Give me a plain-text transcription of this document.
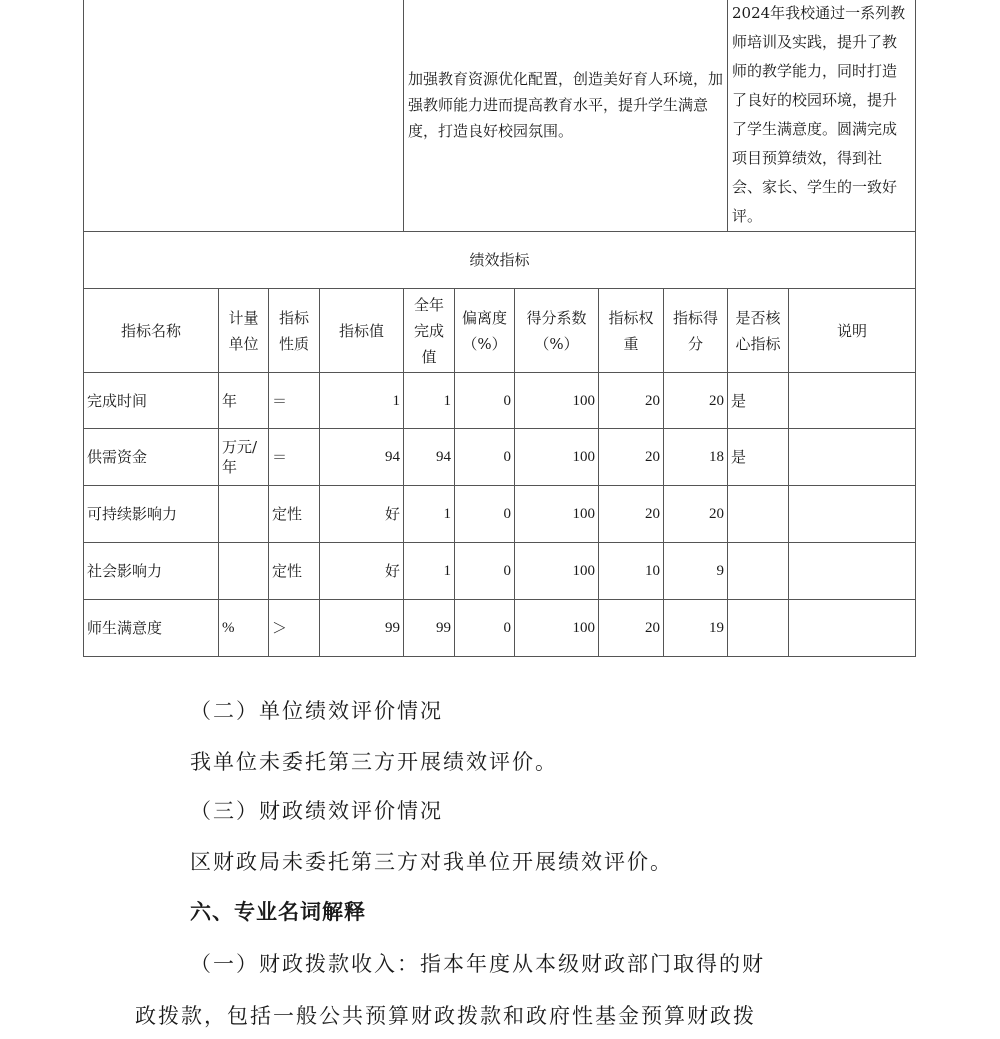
				加强教育资源优化配置，创造美好育人环境，加强教师能力进而提高教育水平，提升学生满意度，打造良好校园氛围。					2024年我校通过一系列教师培训及实践，提升了教师的教学能力，同时打造了良好的校园环境，提升了学生满意度。圆满完成项目预算绩效，得到社会、家长、学生的一致好评。	
绩效指标										
指标名称	计量单位	指标性质	指标值	全年完成值	偏离度（%）	得分系数（%）	指标权重	指标得分	是否核心指标	说明
完成时间	年	＝	1	1	0	100	20	20	是	
供需资金	万元/年	＝	94	94	0	100	20	18	是	
可持续影响力		定性	好	1	0	100	20	20		
社会影响力		定性	好	1	0	100	10	9		
师生满意度	%	＞	99	99	0	100	20	19		
（二）单位绩效评价情况
我单位未委托第三方开展绩效评价。
（三）财政绩效评价情况
区财政局未委托第三方对我单位开展绩效评价。
六、专业名词解释
（一）财政拨款收入：指本年度从本级财政部门取得的财
政拨款，包括一般公共预算财政拨款和政府性基金预算财政拨
